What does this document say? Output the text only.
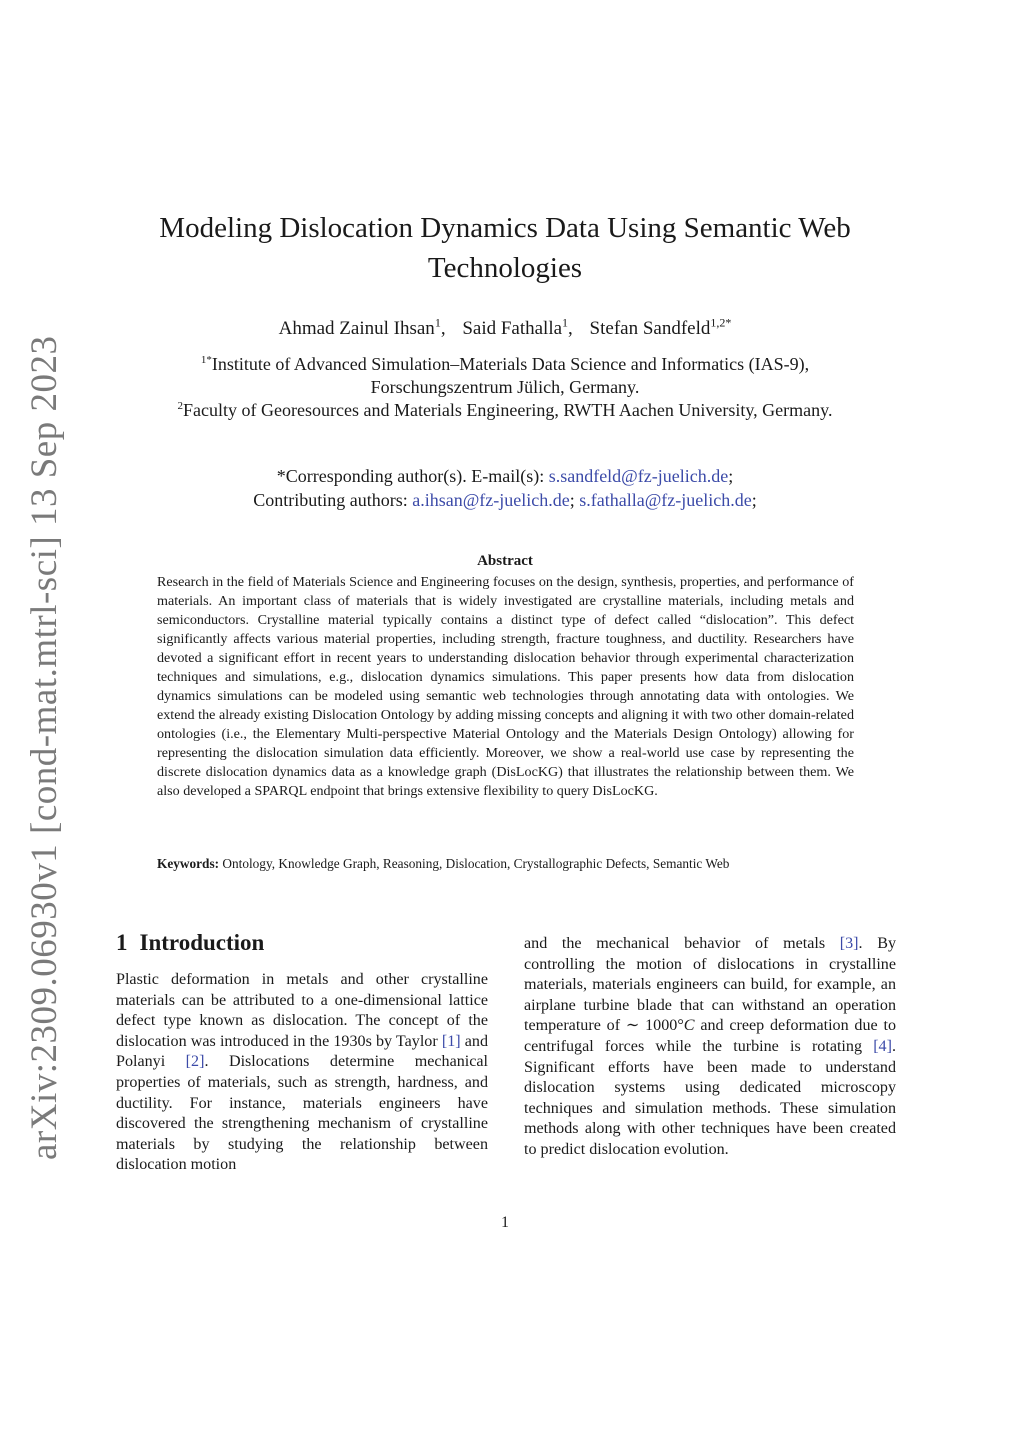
arXiv:2309.06930v1 [cond-mat.mtrl-sci] 13 Sep 2023
Modeling Dislocation Dynamics Data Using Semantic Web Technologies
Ahmad Zainul Ihsan$^1$, Said Fathalla$^1$, Stefan Sandfeld$^{1,2*}$
$^{1*}$Institute of Advanced Simulation–Materials Data Science and Informatics (IAS-9),
Forschungszentrum Jülich, Germany.
$^2$Faculty of Georesources and Materials Engineering, RWTH Aachen University, Germany.
*Corresponding author(s). E-mail(s): s.sandfeld@fz-juelich.de;
Contributing authors: a.ihsan@fz-juelich.de; s.fathalla@fz-juelich.de;
Abstract

Research in the field of Materials Science and Engineering focuses on the design, synthesis, properties, and performance of materials. An important class of materials that is widely investigated are crystalline materials, including metals and semiconductors. Crystalline material typically contains a distinct type of defect called “dislocation”. This defect significantly affects various material properties, including strength, fracture toughness, and ductility. Researchers have devoted a significant effort in recent years to understanding dislocation behavior through experimental characterization techniques and simulations, e.g., dislocation dynamics simulations. This paper presents how data from dislocation dynamics simulations can be modeled using semantic web technologies through annotating data with ontologies. We extend the already existing Dislocation Ontology by adding missing concepts and aligning it with two other domain-related ontologies (i.e., the Elementary Multi-perspective Material Ontology and the Materials Design Ontology) allowing for representing the dislocation simulation data efficiently. Moreover, we show a real-world use case by representing the discrete dislocation dynamics data as a knowledge graph (DisLocKG) that illustrates the relationship between them. We also developed a SPARQL endpoint that brings extensive flexibility to query DisLocKG.

Keywords: Ontology, Knowledge Graph, Reasoning, Dislocation, Crystallographic Defects, Semantic Web
1 Introduction

Plastic deformation in metals and other crystalline materials can be attributed to a one-dimensional lattice defect type known as dislocation. The concept of the dislocation was introduced in the 1930s by Taylor [1] and Polanyi [2]. Dislocations determine mechanical properties of materials, such as strength, hardness, and ductility. For instance, materials engineers have discovered the strengthening mechanism of crystalline materials by studying the relationship between dislocation motion

and the mechanical behavior of metals [3]. By controlling the motion of dislocations in crystalline materials, materials engineers can build, for example, an airplane turbine blade that can withstand an operation temperature of ∼ 1000°C and creep deformation due to centrifugal forces while the turbine is rotating [4]. Significant efforts have been made to understand dislocation systems using dedicated microscopy techniques and simulation methods. These simulation methods along with other techniques have been created to predict dislocation evolution.

1
